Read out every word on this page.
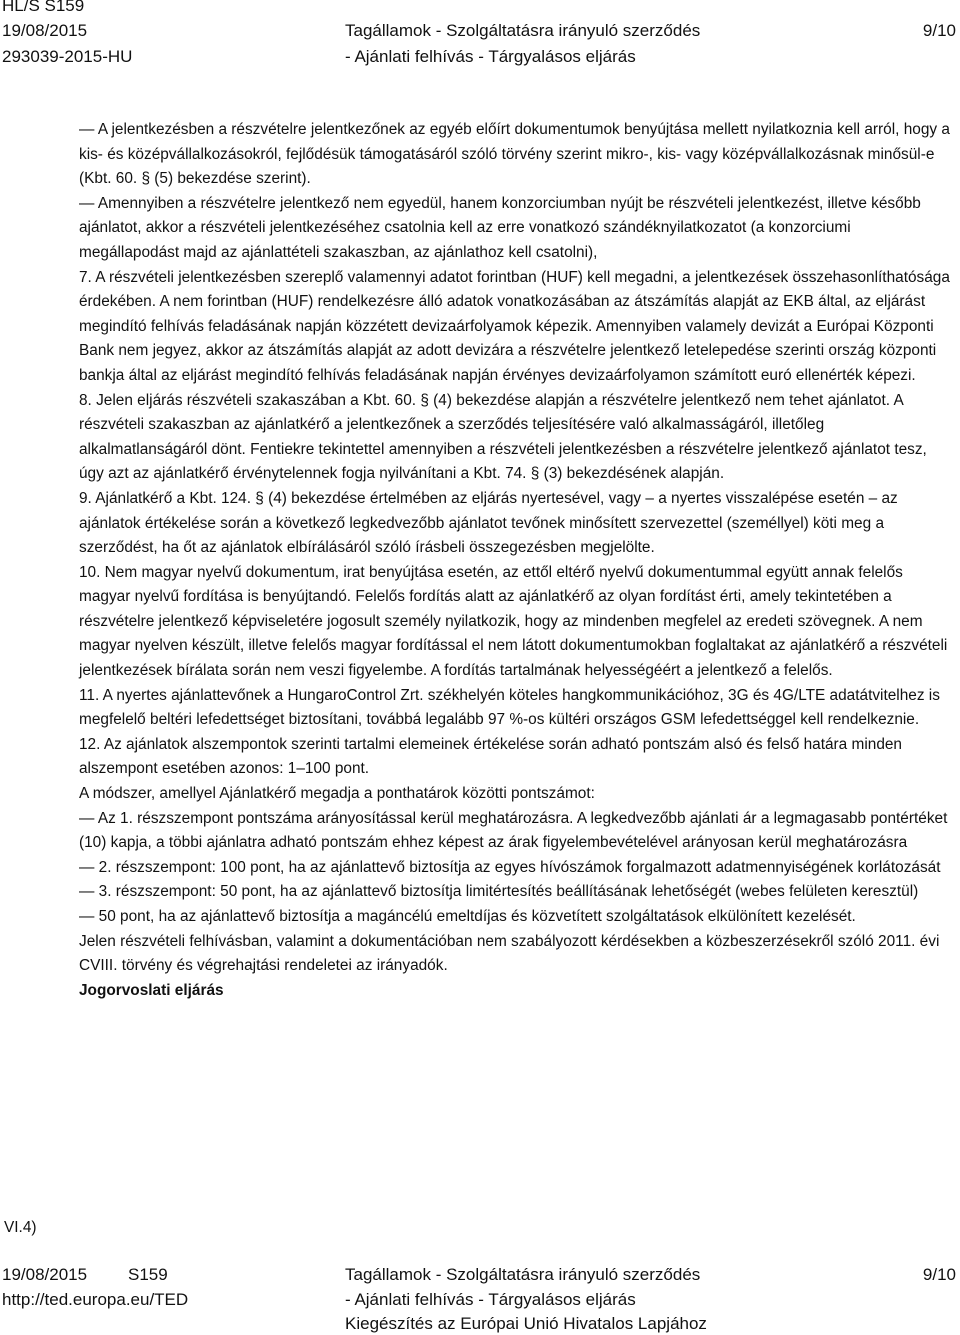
HL/S S159
19/08/2015
293039-2015-HU
Tagállamok - Szolgáltatásra irányuló szerződés
- Ajánlati felhívás - Tárgyalásos eljárás
9/10

— A jelentkezésben a részvételre jelentkezőnek az egyéb előírt dokumentumok benyújtása mellett nyilatkoznia kell arról, hogy a kis- és középvállalkozásokról, fejlődésük támogatásáról szóló törvény szerint mikro-, kis- vagy középvállalkozásnak minősül-e (Kbt. 60. § (5) bekezdése szerint).

— Amennyiben a részvételre jelentkező nem egyedül, hanem konzorciumban nyújt be részvételi jelentkezést, illetve később ajánlatot, akkor a részvételi jelentkezéséhez csatolnia kell az erre vonatkozó szándéknyilatkozatot (a konzorciumi megállapodást majd az ajánlattételi szakaszban, az ajánlathoz kell csatolni),

7. A részvételi jelentkezésben szereplő valamennyi adatot forintban (HUF) kell megadni, a jelentkezések összehasonlíthatósága érdekében. A nem forintban (HUF) rendelkezésre álló adatok vonatkozásában az átszámítás alapját az EKB által, az eljárást megindító felhívás feladásának napján közzétett devizaárfolyamok képezik. Amennyiben valamely devizát a Európai Központi Bank nem jegyez, akkor az átszámítás alapját az adott devizára a részvételre jelentkező letelepedése szerinti ország központi bankja által az eljárást megindító felhívás feladásának napján érvényes devizaárfolyamon számított euró ellenérték képezi.

8. Jelen eljárás részvételi szakaszában a Kbt. 60. § (4) bekezdése alapján a részvételre jelentkező nem tehet ajánlatot. A részvételi szakaszban az ajánlatkérő a jelentkezőnek a szerződés teljesítésére való alkalmasságáról, illetőleg alkalmatlanságáról dönt. Fentiekre tekintettel amennyiben a részvételi jelentkezésben a részvételre jelentkező ajánlatot tesz, úgy azt az ajánlatkérő érvénytelennek fogja nyilvánítani a Kbt. 74. § (3) bekezdésének alapján.

9. Ajánlatkérő a Kbt. 124. § (4) bekezdése értelmében az eljárás nyertesével, vagy – a nyertes visszalépése esetén – az ajánlatok értékelése során a következő legkedvezőbb ajánlatot tevőnek minősített szervezettel (személlyel) köti meg a szerződést, ha őt az ajánlatok elbírálásáról szóló írásbeli összegezésben megjelölte.

10. Nem magyar nyelvű dokumentum, irat benyújtása esetén, az ettől eltérő nyelvű dokumentummal együtt annak felelős magyar nyelvű fordítása is benyújtandó. Felelős fordítás alatt az ajánlatkérő az olyan fordítást érti, amely tekintetében a részvételre jelentkező képviseletére jogosult személy nyilatkozik, hogy az mindenben megfelel az eredeti szövegnek. A nem magyar nyelven készült, illetve felelős magyar fordítással el nem látott dokumentumokban foglaltakat az ajánlatkérő a részvételi jelentkezések bírálata során nem veszi figyelembe. A fordítás tartalmának helyességéért a jelentkező a felelős.

11. A nyertes ajánlattevőnek a HungaroControl Zrt. székhelyén köteles hangkommunikációhoz, 3G és 4G/LTE adatátvitelhez is megfelelő beltéri lefedettséget biztosítani, továbbá legalább 97 %-os kültéri országos GSM lefedettséggel kell rendelkeznie.

12. Az ajánlatok alszempontok szerinti tartalmi elemeinek értékelése során adható pontszám alsó és felső határa minden alszempont esetében azonos: 1–100 pont.

A módszer, amellyel Ajánlatkérő megadja a ponthatárok közötti pontszámot:

— Az 1. részszempont pontszáma arányosítással kerül meghatározásra. A legkedvezőbb ajánlati ár a legmagasabb pontértéket (10) kapja, a többi ajánlatra adható pontszám ehhez képest az árak figyelembevételével arányosan kerül meghatározásra

— 2. részszempont: 100 pont, ha az ajánlattevő biztosítja az egyes hívószámok forgalmazott adatmennyiségének korlátozását

— 3. részszempont: 50 pont, ha az ajánlattevő biztosítja limitértesítés beállításának lehetőségét (webes felületen keresztül)

— 50 pont, ha az ajánlattevő biztosítja a magáncélú emeltdíjas és közvetített szolgáltatások elkülönített kezelését.

Jelen részvételi felhívásban, valamint a dokumentációban nem szabályozott kérdésekben a közbeszerzésekről szóló 2011. évi CVIII. törvény és végrehajtási rendeletei az irányadók.

Jogorvoslati eljárás

VI.4)
19/08/2015 S159
http://ted.europa.eu/TED
Tagállamok - Szolgáltatásra irányuló szerződés
- Ajánlati felhívás - Tárgyalásos eljárás
Kiegészítés az Európai Unió Hivatalos Lapjához
9/10
